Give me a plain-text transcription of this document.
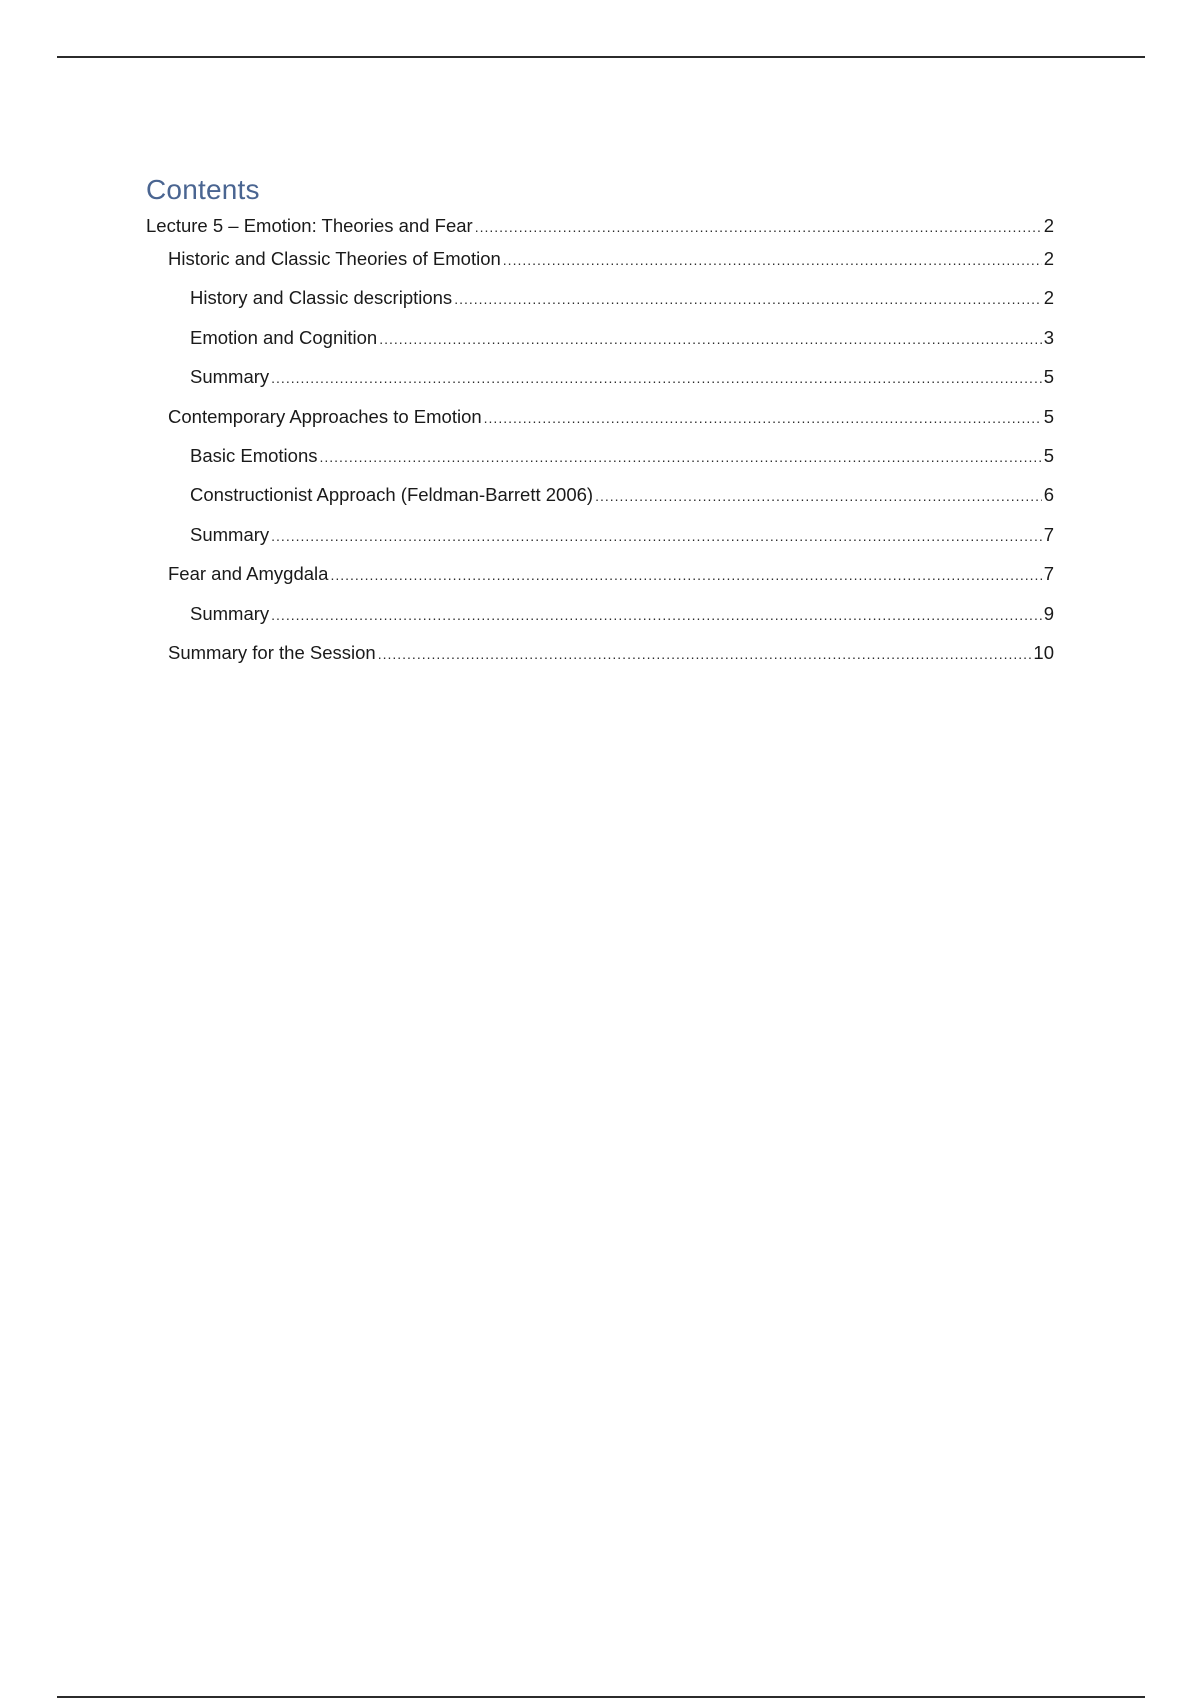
Contents
Lecture 5 – Emotion: Theories and Fear .....	2
Historic and Classic Theories of Emotion .....	2
History and Classic descriptions .....	2
Emotion and Cognition .....	3
Summary .....	5
Contemporary Approaches to Emotion .....	5
Basic Emotions .....	5
Constructionist Approach (Feldman-Barrett 2006) .....	6
Summary .....	7
Fear and Amygdala .....	7
Summary .....	9
Summary for the Session .....	10
